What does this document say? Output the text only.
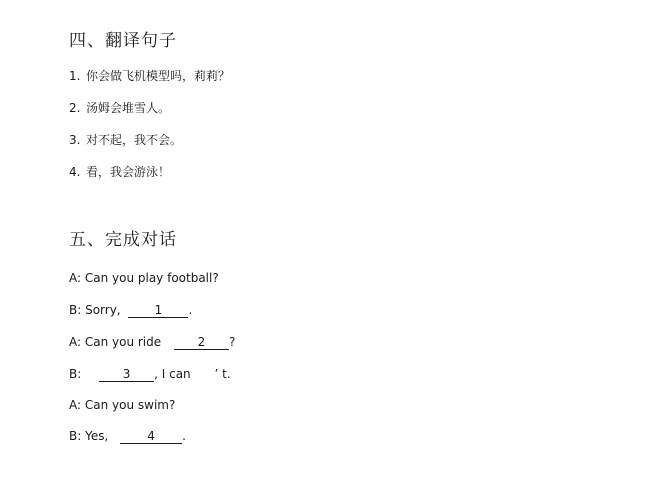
四、翻译句子
1. 你会做飞机模型吗，莉莉？
2. 汤姆会堆雪人。
3. 对不起，我不会。
4. 看，我会游泳！
五、完成对话
A: Can you play football?
B: Sorry,	1 .
A: Can you ride	2 ?
B:	3 , I can ’ t.
A: Can you swim?
B: Yes,	4 .
